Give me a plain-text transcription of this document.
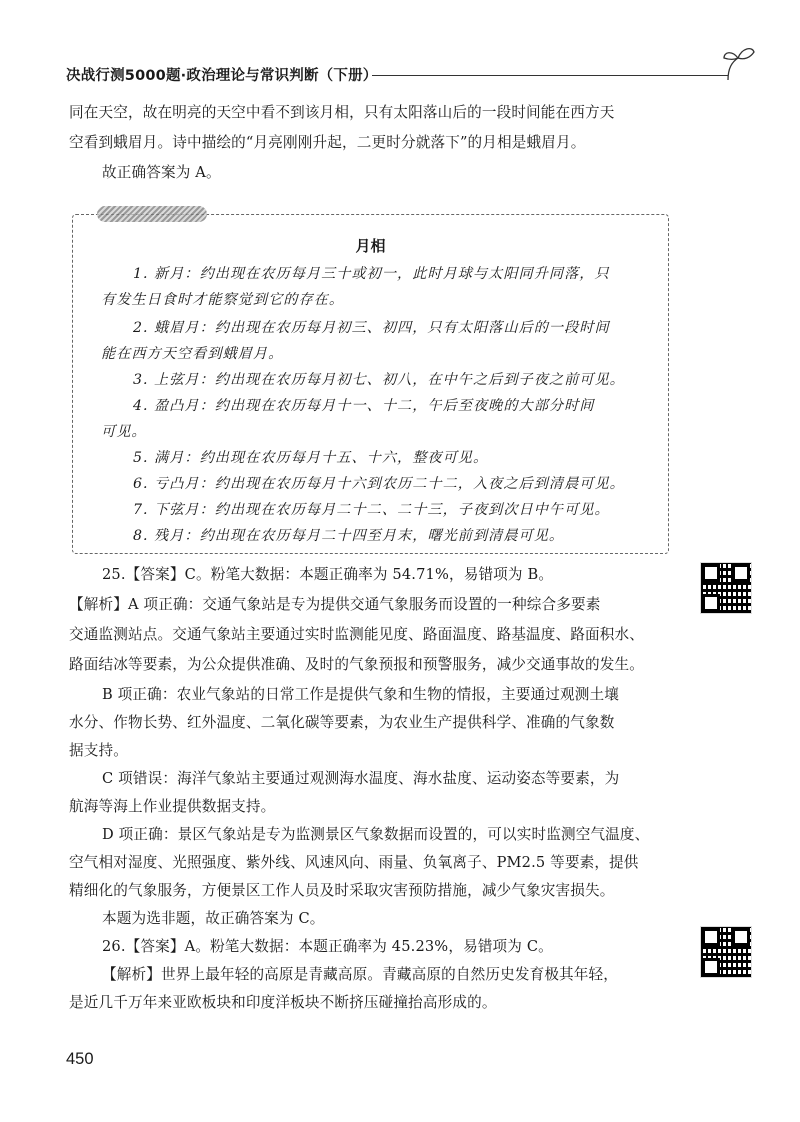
决战行测5000题·政治理论与常识判断（下册）
同在天空，故在明亮的天空中看不到该月相，只有太阳落山后的一段时间能在西方天
空看到蛾眉月。诗中描绘的“月亮刚刚升起，二更时分就落下”的月相是蛾眉月。
故正确答案为 A。
月相
1. 新月：约出现在农历每月三十或初一，此时月球与太阳同升同落，只
有发生日食时才能察觉到它的存在。
2. 蛾眉月：约出现在农历每月初三、初四，只有太阳落山后的一段时间
能在西方天空看到蛾眉月。
3. 上弦月：约出现在农历每月初七、初八，在中午之后到子夜之前可见。
4. 盈凸月：约出现在农历每月十一、十二，午后至夜晚的大部分时间
可见。
5. 满月：约出现在农历每月十五、十六，整夜可见。
6. 亏凸月：约出现在农历每月十六到农历二十二，入夜之后到清晨可见。
7. 下弦月：约出现在农历每月二十二、二十三，子夜到次日中午可见。
8. 残月：约出现在农历每月二十四至月末，曙光前到清晨可见。
25.【答案】C。粉笔大数据：本题正确率为 54.71%，易错项为 B。
【解析】A 项正确：交通气象站是专为提供交通气象服务而设置的一种综合多要素
交通监测站点。交通气象站主要通过实时监测能见度、路面温度、路基温度、路面积水、
路面结冰等要素，为公众提供准确、及时的气象预报和预警服务，减少交通事故的发生。
B 项正确：农业气象站的日常工作是提供气象和生物的情报，主要通过观测土壤
水分、作物长势、红外温度、二氧化碳等要素，为农业生产提供科学、准确的气象数
据支持。
C 项错误：海洋气象站主要通过观测海水温度、海水盐度、运动姿态等要素，为
航海等海上作业提供数据支持。
D 项正确：景区气象站是专为监测景区气象数据而设置的，可以实时监测空气温度、
空气相对湿度、光照强度、紫外线、风速风向、雨量、负氧离子、PM2.5 等要素，提供
精细化的气象服务，方便景区工作人员及时采取灾害预防措施，减少气象灾害损失。
本题为选非题，故正确答案为 C。
26.【答案】A。粉笔大数据：本题正确率为 45.23%，易错项为 C。
【解析】世界上最年轻的高原是青藏高原。青藏高原的自然历史发育极其年轻，
是近几千万年来亚欧板块和印度洋板块不断挤压碰撞抬高形成的。
450
